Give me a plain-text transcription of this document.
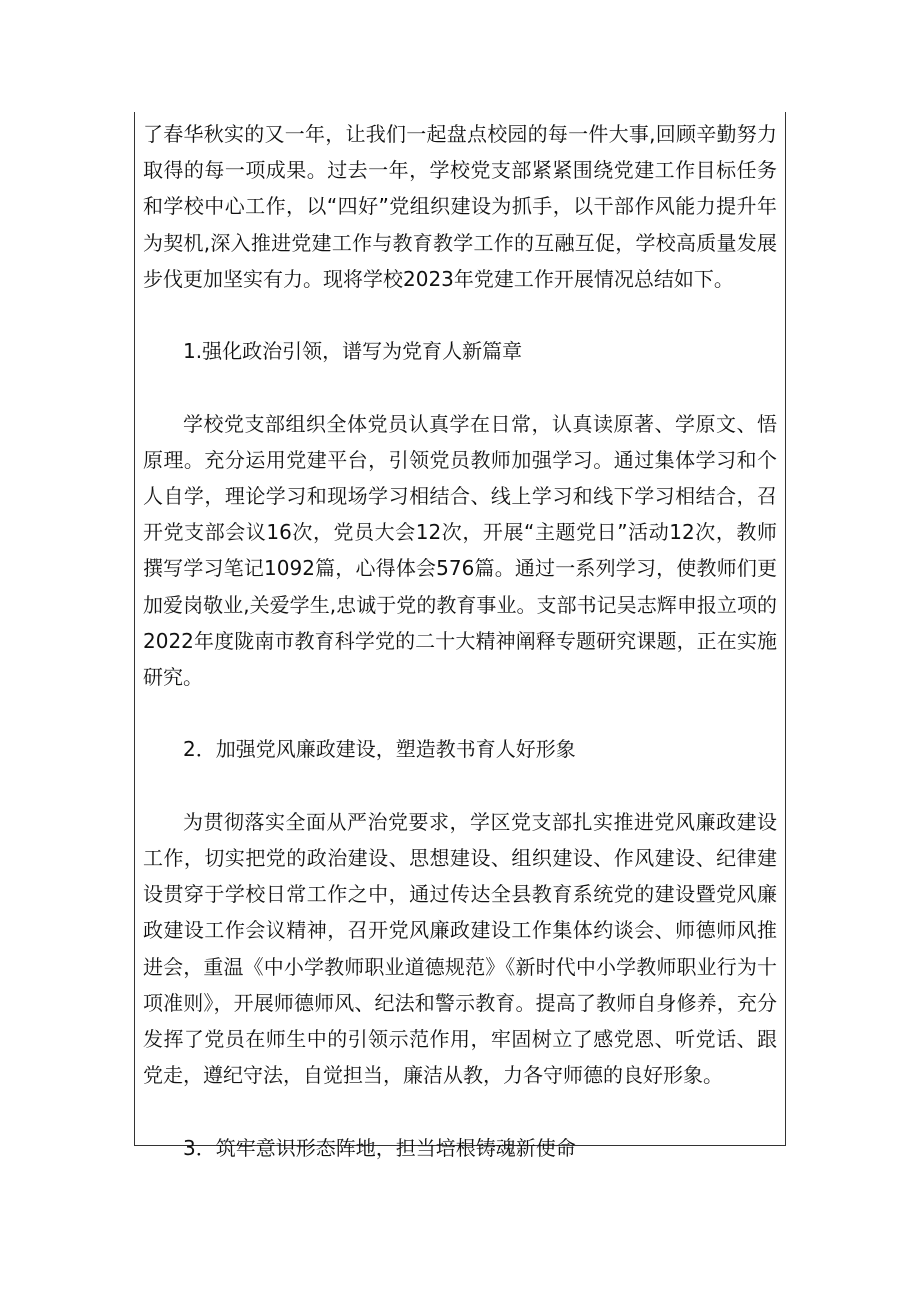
了春华秋实的又一年，让我们一起盘点校园的每一件大事,回顾辛勤努力取得的每一项成果。过去一年，学校党支部紧紧围绕党建工作目标任务和学校中心工作，以“四好”党组织建设为抓手，以干部作风能力提升年为契机,深入推进党建工作与教育教学工作的互融互促，学校高质量发展步伐更加坚实有力。现将学校2023年党建工作开展情况总结如下。

1.强化政治引领，谱写为党育人新篇章

学校党支部组织全体党员认真学在日常，认真读原著、学原文、悟原理。充分运用党建平台，引领党员教师加强学习。通过集体学习和个人自学，理论学习和现场学习相结合、线上学习和线下学习相结合，召开党支部会议16次，党员大会12次，开展“主题党日”活动12次，教师撰写学习笔记1092篇，心得体会576篇。通过一系列学习，使教师们更加爱岗敬业,关爱学生,忠诚于党的教育事业。支部书记吴志辉申报立项的2022年度陇南市教育科学党的二十大精神阐释专题研究课题，正在实施研究。

2．加强党风廉政建设，塑造教书育人好形象

为贯彻落实全面从严治党要求，学区党支部扎实推进党风廉政建设工作，切实把党的政治建设、思想建设、组织建设、作风建设、纪律建设贯穿于学校日常工作之中，通过传达全县教育系统党的建设暨党风廉政建设工作会议精神，召开党风廉政建设工作集体约谈会、师德师风推进会，重温《中小学教师职业道德规范》《新时代中小学教师职业行为十项准则》，开展师德师风、纪法和警示教育。提高了教师自身修养，充分发挥了党员在师生中的引领示范作用，牢固树立了感党恩、听党话、跟党走，遵纪守法，自觉担当，廉洁从教，力各守师德的良好形象。

3．筑牢意识形态阵地，担当培根铸魂新使命
